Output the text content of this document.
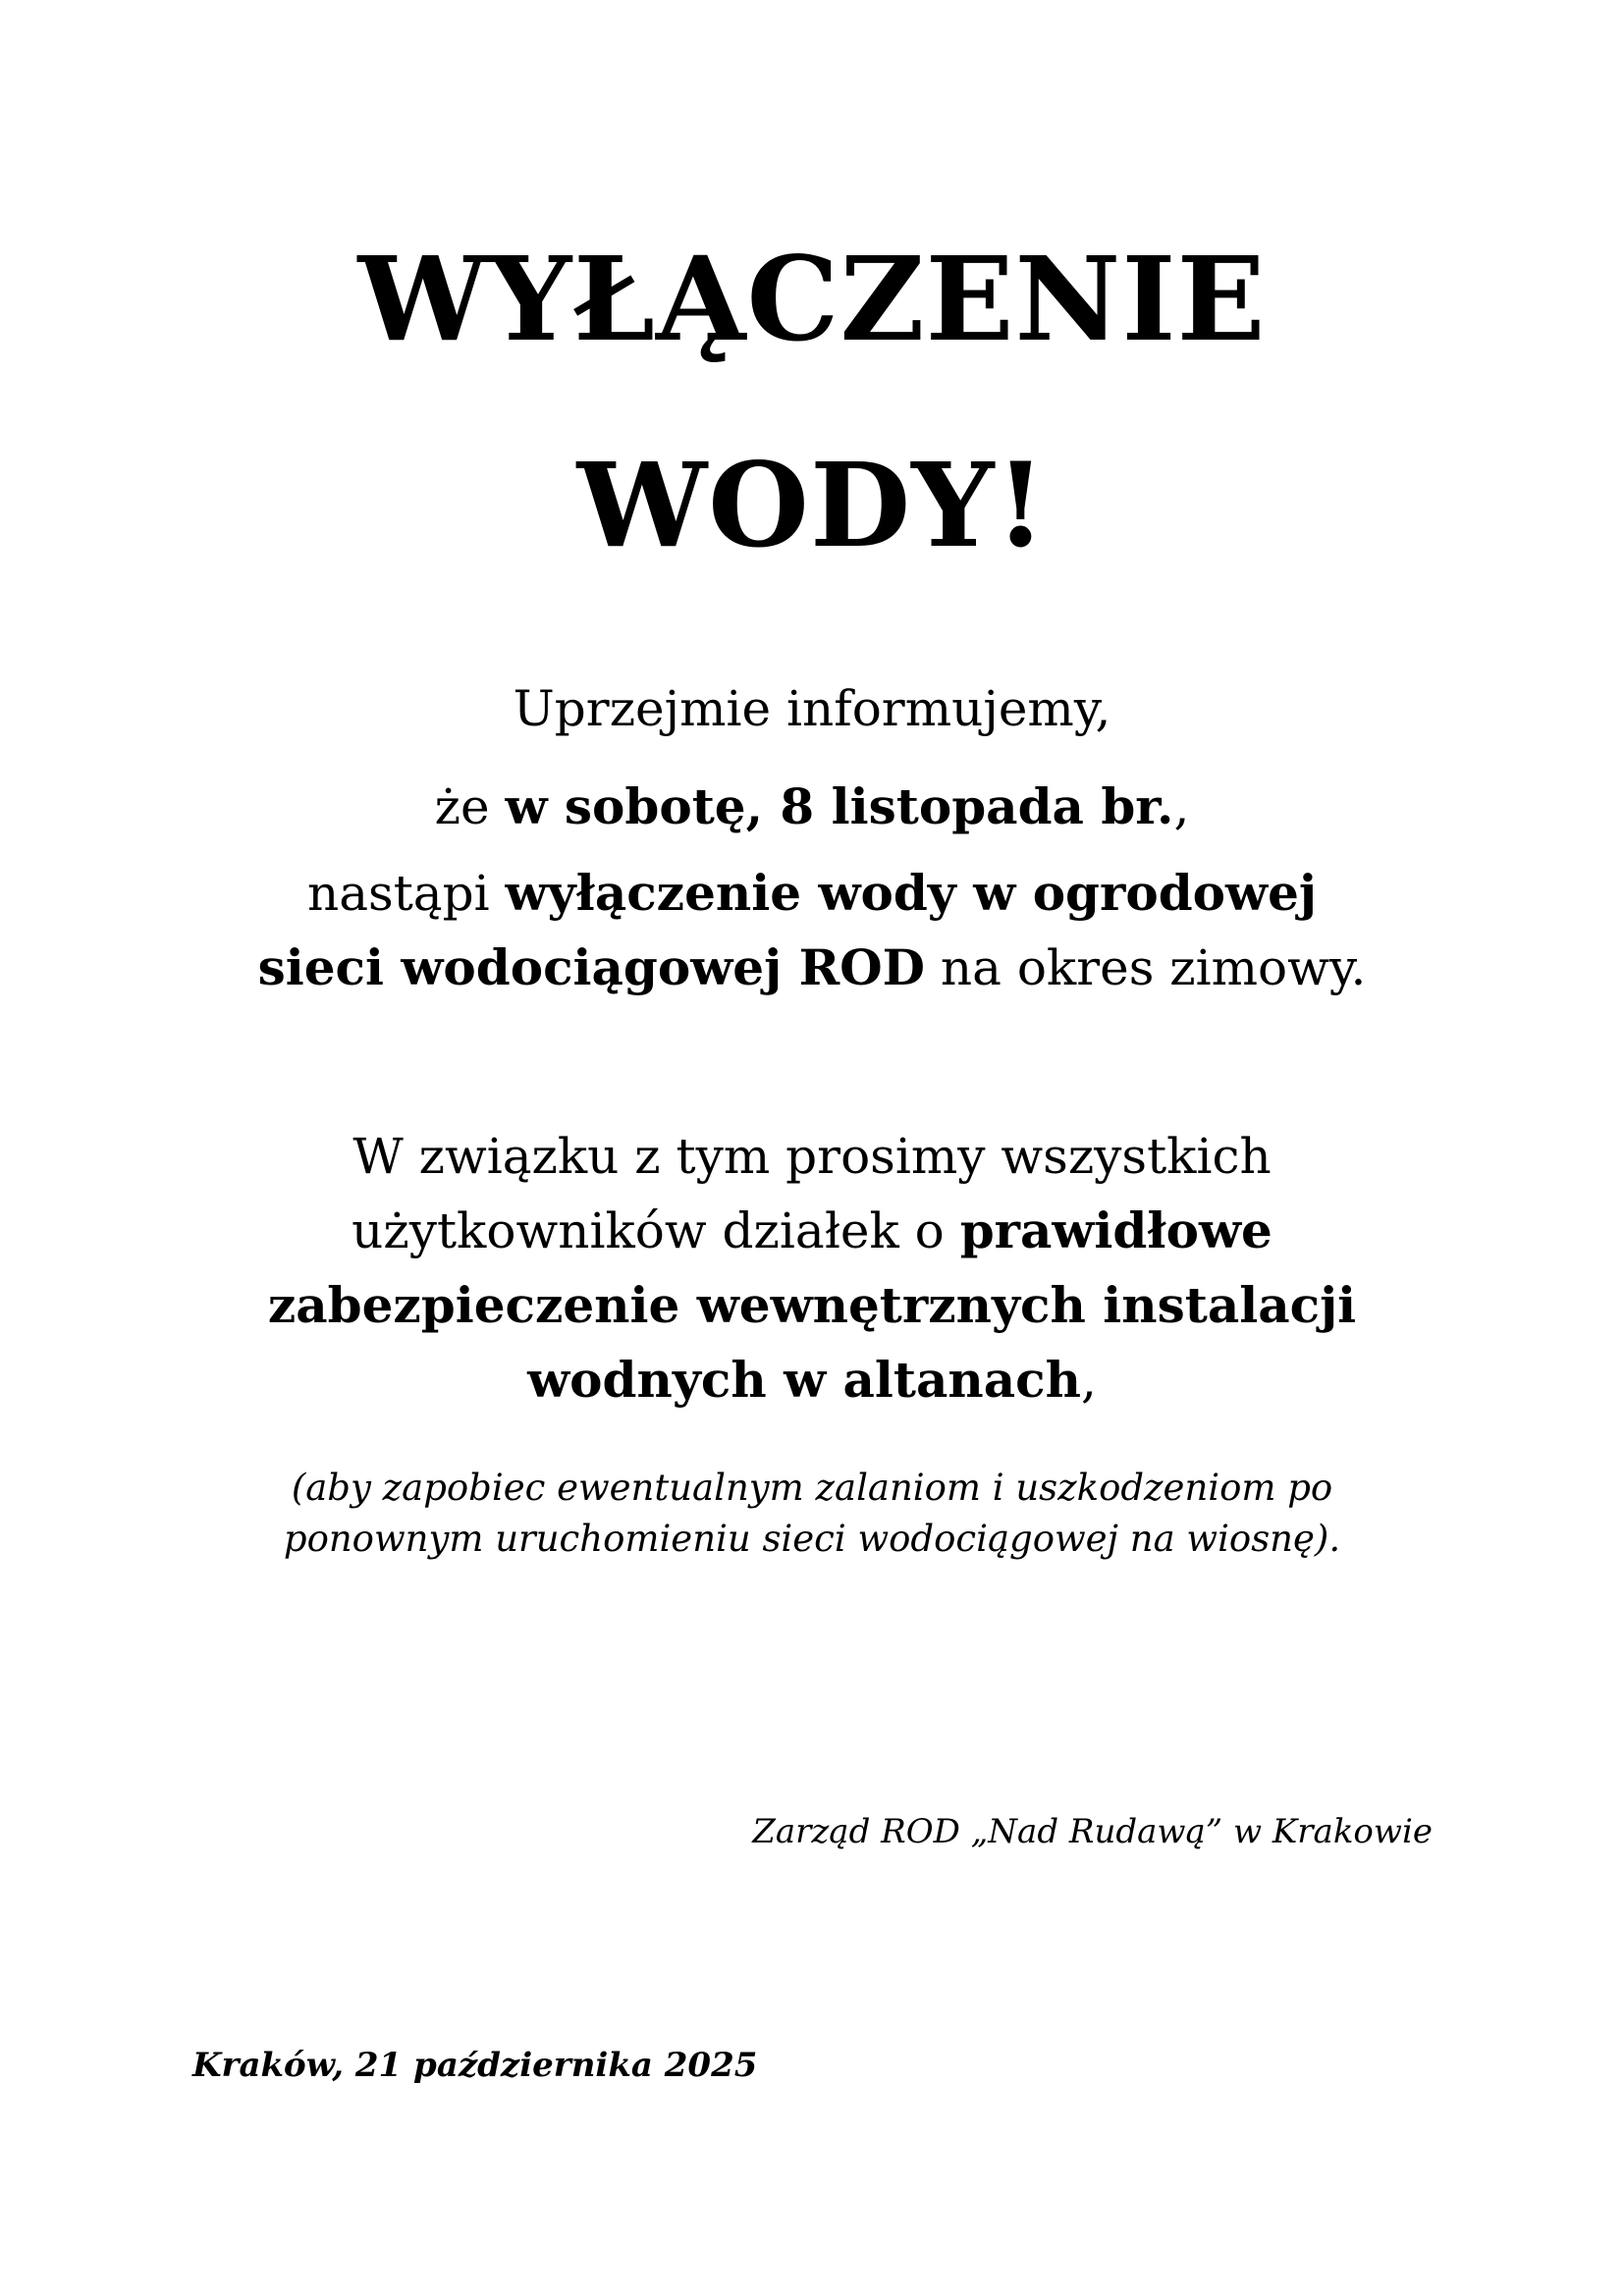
WYŁĄCZENIE
WODY!
Uprzejmie informujemy,
że w sobotę, 8 listopada br.,
nastąpi wyłączenie wody w ogrodowej
sieci wodociągowej ROD na okres zimowy.
W związku z tym prosimy wszystkich
użytkowników działek o prawidłowe
zabezpieczenie wewnętrznych instalacji
wodnych w altanach,
(aby zapobiec ewentualnym zalaniom i uszkodzeniom po
ponownym uruchomieniu sieci wodociągowej na wiosnę).
Zarząd ROD „Nad Rudawą” w Krakowie
Kraków, 21 października 2025
